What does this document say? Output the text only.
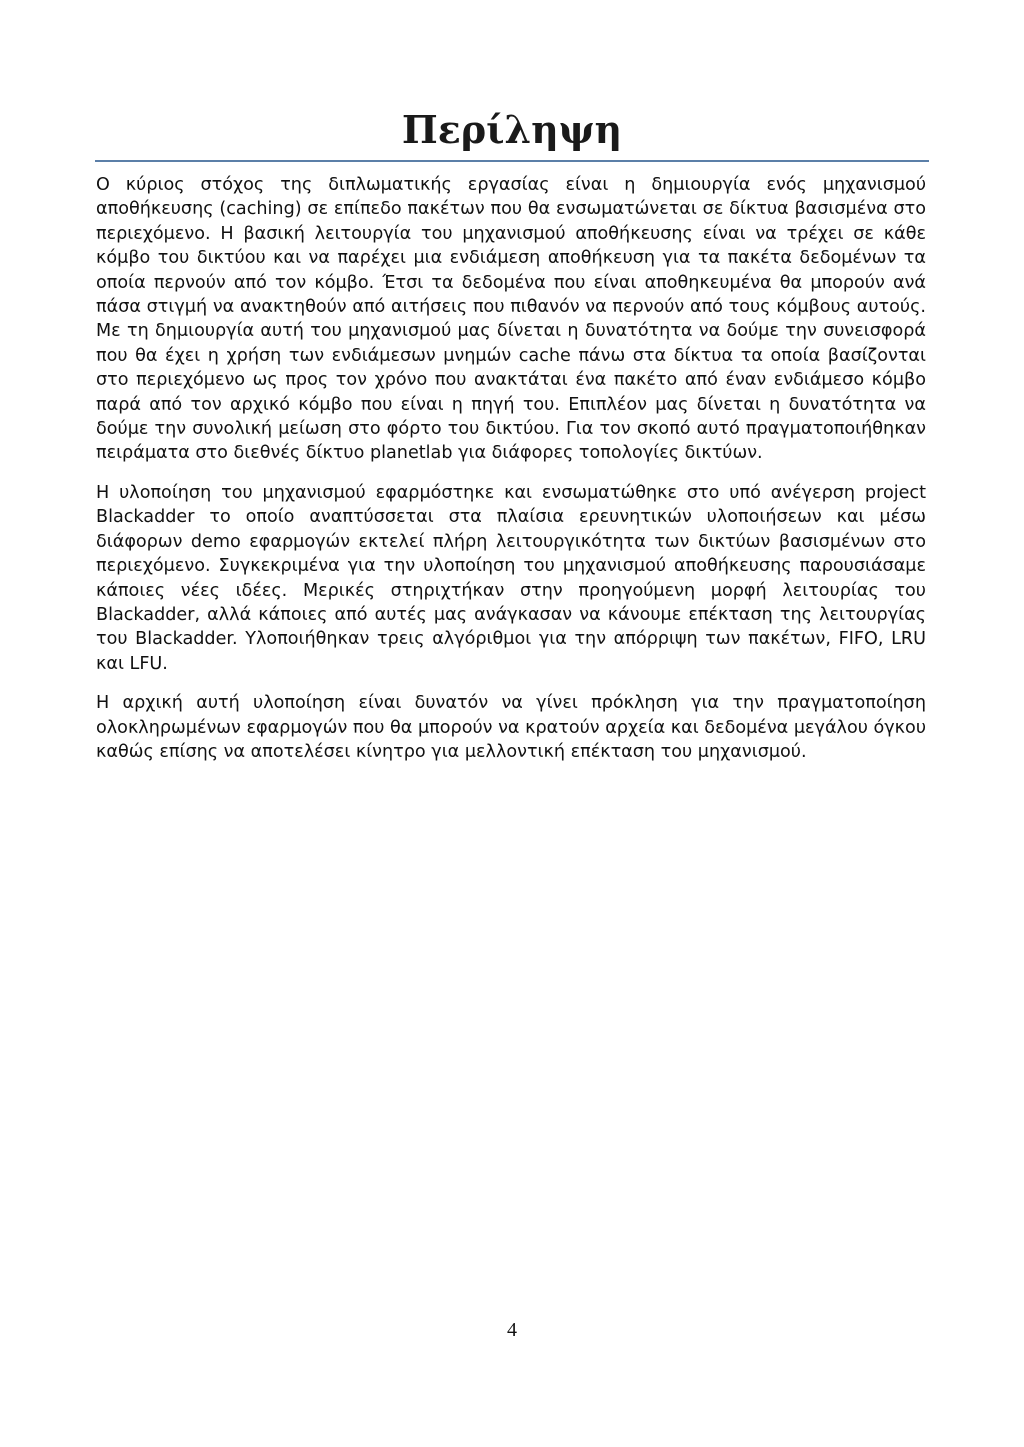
Περίληψη

Ο κύριος στόχος της διπλωματικής εργασίας είναι η δημιουργία ενός μηχανισμού αποθήκευσης (caching) σε επίπεδο πακέτων που θα ενσωματώνεται σε δίκτυα βασισμένα στο περιεχόμενο. Η βασική λειτουργία του μηχανισμού αποθήκευσης είναι να τρέχει σε κάθε κόμβο του δικτύου και να παρέχει μια ενδιάμεση αποθήκευση για τα πακέτα δεδομένων τα οποία περνούν από τον κόμβο. Έτσι τα δεδομένα που είναι αποθηκευμένα θα μπορούν ανά πάσα στιγμή να ανακτηθούν από αιτήσεις που πιθανόν να περνούν από τους κόμβους αυτούς. Με τη δημιουργία αυτή του μηχανισμού μας δίνεται η δυνατότητα να δούμε την συνεισφορά που θα έχει η χρήση των ενδιάμεσων μνημών cache πάνω στα δίκτυα τα οποία βασίζονται στο περιεχόμενο ως προς τον χρόνο που ανακτάται ένα πακέτο από έναν ενδιάμεσο κόμβο παρά από τον αρχικό κόμβο που είναι η πηγή του. Επιπλέον μας δίνεται η δυνατότητα να δούμε την συνολική μείωση στο φόρτο του δικτύου. Για τον σκοπό αυτό πραγματοποιήθηκαν πειράματα στο διεθνές δίκτυο planetlab για διάφορες τοπολογίες δικτύων.

Η υλοποίηση του μηχανισμού εφαρμόστηκε και ενσωματώθηκε στο υπό ανέγερση project Blackadder το οποίο αναπτύσσεται στα πλαίσια ερευνητικών υλοποιήσεων και μέσω διάφορων demo εφαρμογών εκτελεί πλήρη λειτουργικότητα των δικτύων βασισμένων στο περιεχόμενο. Συγκεκριμένα για την υλοποίηση του μηχανισμού αποθήκευσης παρουσιάσαμε κάποιες νέες ιδέες. Μερικές στηριχτήκαν στην προηγούμενη μορφή λειτουρίας του Blackadder, αλλά κάποιες από αυτές μας ανάγκασαν να κάνουμε επέκταση της λειτουργίας του Blackadder. Υλοποιήθηκαν τρεις αλγόριθμοι για την απόρριψη των πακέτων, FIFO, LRU και LFU.

Η αρχική αυτή υλοποίηση είναι δυνατόν να γίνει πρόκληση για την πραγματοποίηση ολοκληρωμένων εφαρμογών που θα μπορούν να κρατούν αρχεία και δεδομένα μεγάλου όγκου καθώς επίσης να αποτελέσει κίνητρο για μελλοντική επέκταση του μηχανισμού.

4
